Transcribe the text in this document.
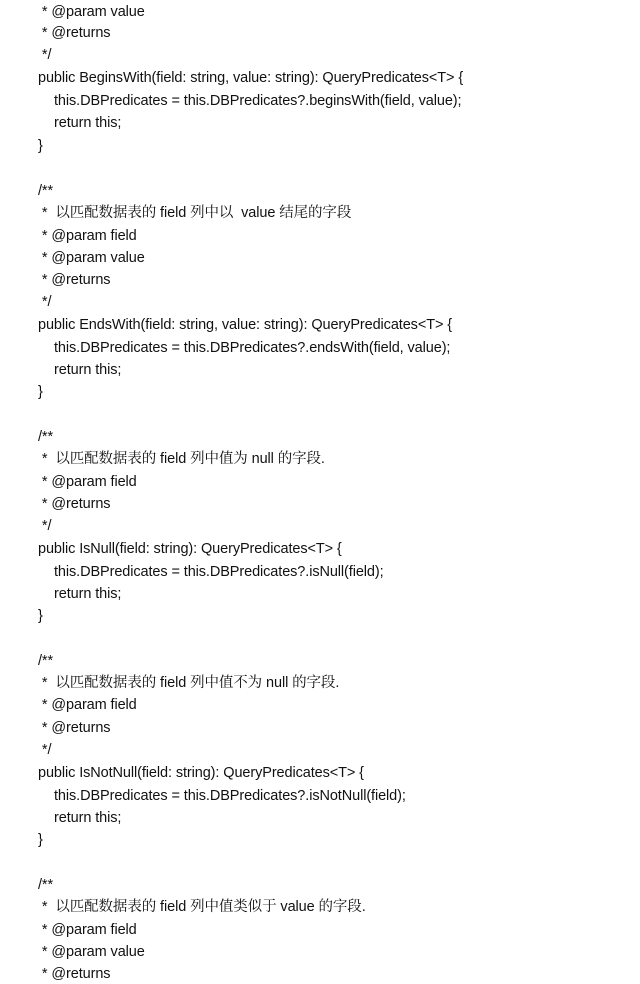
* @param value
* @returns
*/
public BeginsWith(field: string, value: string): QueryPredicates<T> {
this.DBPredicates = this.DBPredicates?.beginsWith(field, value);
return this;
}
/**
*  以匹配数据表的 field 列中以  value 结尾的字段
* @param field
* @param value
* @returns
*/
public EndsWith(field: string, value: string): QueryPredicates<T> {
this.DBPredicates = this.DBPredicates?.endsWith(field, value);
return this;
}
/**
*  以匹配数据表的 field 列中值为 null 的字段.
* @param field
* @returns
*/
public IsNull(field: string): QueryPredicates<T> {
this.DBPredicates = this.DBPredicates?.isNull(field);
return this;
}
/**
*  以匹配数据表的 field 列中值不为 null 的字段.
* @param field
* @returns
*/
public IsNotNull(field: string): QueryPredicates<T> {
this.DBPredicates = this.DBPredicates?.isNotNull(field);
return this;
}
/**
*  以匹配数据表的 field 列中值类似于 value 的字段.
* @param field
* @param value
* @returns
